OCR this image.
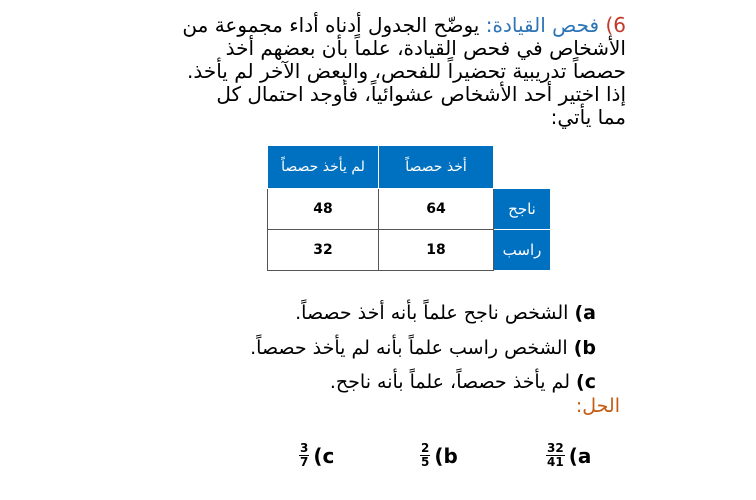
6) فحص القيادة: يوضّح الجدول أدناه أداء مجموعة من
الأشخاص في فحص القيادة، علماً بأن بعضهم أخذ
حصصاً تدريبية تحضيراً للفحص، والبعض الآخر لم يأخذ.
إذا اختير أحد الأشخاص عشوائياً، فأوجد احتمال كل
مما يأتي:
لم يأخذ حصصاً	أخذ حصصاً	
48	64	ناجح
32	18	راسب
a) الشخص ناجح علماً بأنه أخذ حصصاً.
b) الشخص راسب علماً بأنه لم يأخذ حصصاً.
c) لم يأخذ حصصاً، علماً بأنه ناجح.
الحل:
$\frac{32}{41} (a$
$\frac{2}{5} (b$
$\frac{3}{7} (c$
